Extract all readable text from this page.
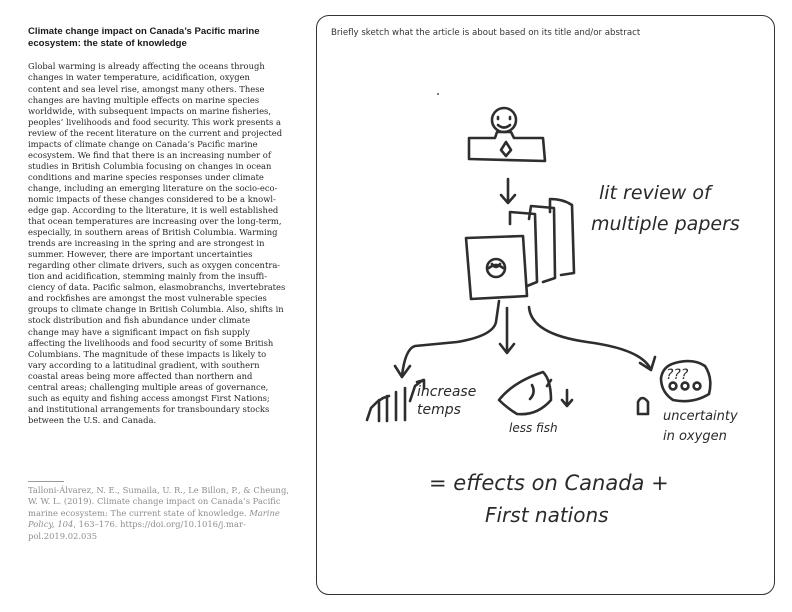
Climate change impact on Canada’s Pacific marine ecosystem: the state of knowledge

Global warming is already affecting the oceans through
changes in water temperature, acidification, oxygen
content and sea level rise, amongst many others. These
changes are having multiple effects on marine species
worldwide, with subsequent impacts on marine fisheries,
peoples’ livelihoods and food security. This work presents a
review of the recent literature on the current and projected
impacts of climate change on Canada’s Pacific marine
ecosystem. We find that there is an increasing number of
studies in British Columbia focusing on changes in ocean
conditions and marine species responses under climate
change, including an emerging literature on the socio-eco-
nomic impacts of these changes considered to be a knowl-
edge gap. According to the literature, it is well established
that ocean temperatures are increasing over the long-term,
especially, in southern areas of British Columbia. Warming
trends are increasing in the spring and are strongest in
summer. However, there are important uncertainties
regarding other climate drivers, such as oxygen concentra-
tion and acidification, stemming mainly from the insuffi-
ciency of data. Pacific salmon, elasmobranchs, invertebrates
and rockfishes are amongst the most vulnerable species
groups to climate change in British Columbia. Also, shifts in
stock distribution and fish abundance under climate
change may have a significant impact on fish supply
affecting the livelihoods and food security of some British
Columbians. The magnitude of these impacts is likely to
vary according to a latitudinal gradient, with southern
coastal areas being more affected than northern and
central areas; challenging multiple areas of governance,
such as equity and fishing access amongst First Nations;
and institutional arrangements for transboundary stocks
between the U.S. and Canada.

Talloni-Álvarez, N. E., Sumaila, U. R., Le Billon, P., & Cheung, W. W. L. (2019). Climate change impact on Canada’s Pacific marine ecosystem: The current state of knowledge. Marine Policy, 104, 163–176. https://doi.org/10.1016/j.mar-pol.2019.02.035

Briefly sketch what the article is about based on its title and/or abstract
lit review of
multiple papers
increase
temps
less fish
???
uncertainty
in oxygen
= effects on Canada +
First nations
